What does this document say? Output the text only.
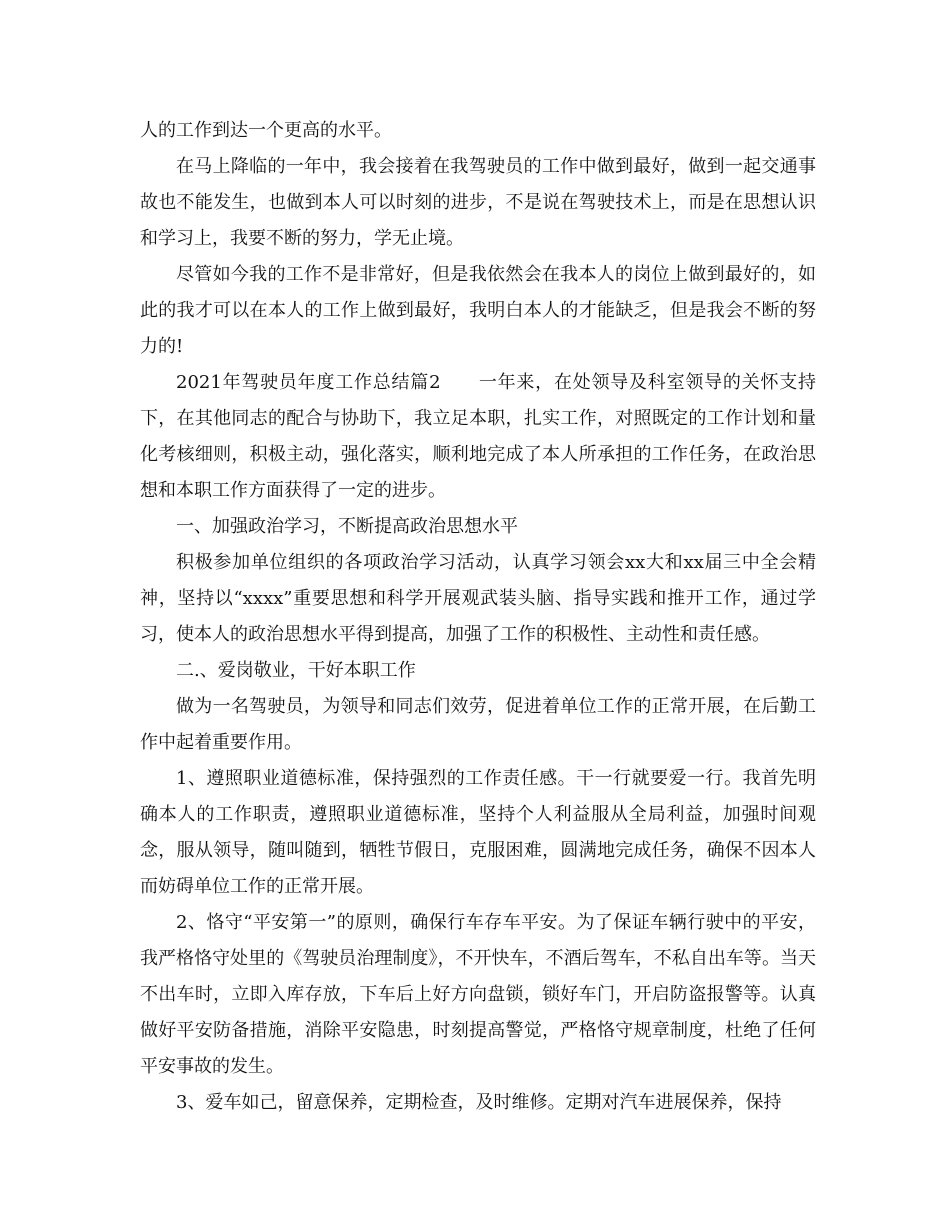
人的工作到达一个更高的水平。

在马上降临的一年中，我会接着在我驾驶员的工作中做到最好，做到一起交通事故也不能发生，也做到本人可以时刻的进步，不是说在驾驶技术上，而是在思想认识和学习上，我要不断的努力，学无止境。

尽管如今我的工作不是非常好，但是我依然会在我本人的岗位上做到最好的，如此的我才可以在本人的工作上做到最好，我明白本人的才能缺乏，但是我会不断的努力的!

2021年驾驶员年度工作总结篇2　　一年来，在处领导及科室领导的关怀支持下，在其他同志的配合与协助下，我立足本职，扎实工作，对照既定的工作计划和量化考核细则，积极主动，强化落实，顺利地完成了本人所承担的工作任务，在政治思想和本职工作方面获得了一定的进步。

一、加强政治学习，不断提高政治思想水平

积极参加单位组织的各项政治学习活动，认真学习领会xx大和xx届三中全会精神，坚持以“xxxx”重要思想和科学开展观武装头脑、指导实践和推开工作，通过学习，使本人的政治思想水平得到提高，加强了工作的积极性、主动性和责任感。

二.、爱岗敬业，干好本职工作

做为一名驾驶员，为领导和同志们效劳，促进着单位工作的正常开展，在后勤工作中起着重要作用。

1、遵照职业道德标准，保持强烈的工作责任感。干一行就要爱一行。我首先明确本人的工作职责，遵照职业道德标准，坚持个人利益服从全局利益，加强时间观念，服从领导，随叫随到，牺牲节假日，克服困难，圆满地完成任务，确保不因本人而妨碍单位工作的正常开展。

2、恪守“平安第一”的原则，确保行车存车平安。为了保证车辆行驶中的平安，我严格恪守处里的《驾驶员治理制度》，不开快车，不酒后驾车，不私自出车等。当天不出车时，立即入库存放，下车后上好方向盘锁，锁好车门，开启防盗报警等。认真做好平安防备措施，消除平安隐患，时刻提高警觉，严格恪守规章制度，杜绝了任何平安事故的发生。

3、爱车如己，留意保养，定期检查，及时维修。定期对汽车进展保养，保持
